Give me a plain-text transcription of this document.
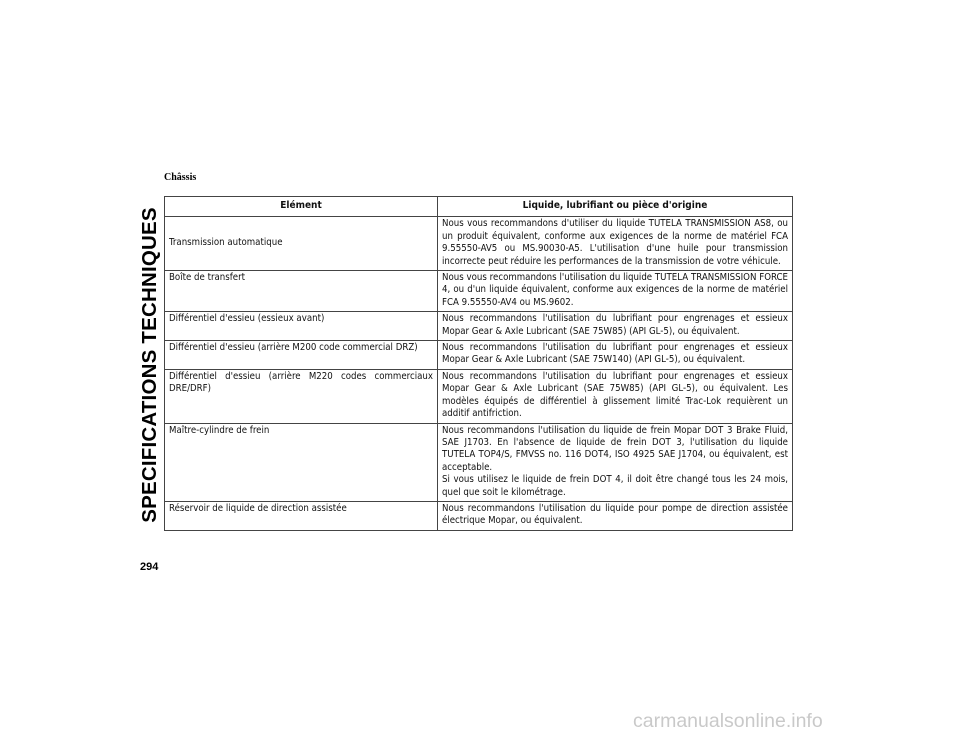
SPECIFICATIONS TECHNIQUES
Châssis
Elément	Liquide, lubrifiant ou pièce d'origine
Transmission automatique	Nous vous recommandons d'utiliser du liquide TUTELA TRANSMISSION AS8, ou un produit équivalent, conforme aux exigences de la norme de matériel FCA 9.55550-AV5 ou MS.90030-A5. L'utilisation d'une huile pour transmission incorrecte peut réduire les performances de la transmission de votre véhicule.
Boîte de transfert	Nous vous recommandons l'utilisation du liquide TUTELA TRANSMISSION FORCE 4, ou d'un liquide équivalent, conforme aux exigences de la norme de matériel FCA 9.55550-AV4 ou MS.9602.
Différentiel d'essieu (essieux avant)	Nous recommandons l'utilisation du lubrifiant pour engrenages et essieux Mopar Gear & Axle Lubricant (SAE 75W85) (API GL-5), ou équivalent.
Différentiel d'essieu (arrière M200 code commercial DRZ)	Nous recommandons l'utilisation du lubrifiant pour engrenages et essieux Mopar Gear & Axle Lubricant (SAE 75W140) (API GL-5), ou équivalent.
Différentiel d'essieu (arrière M220 codes commerciaux DRE/DRF)	Nous recommandons l'utilisation du lubrifiant pour engrenages et essieux Mopar Gear & Axle Lubricant (SAE 75W85) (API GL-5), ou équivalent. Les modèles équipés de différentiel à glissement limité Trac-Lok requièrent un additif antifriction.
Maître-cylindre de frein	Nous recommandons l'utilisation du liquide de frein Mopar DOT 3 Brake Fluid, SAE J1703. En l'absence de liquide de frein DOT 3, l'utilisation du liquide TUTELA TOP4/S, FMVSS no. 116 DOT4, ISO 4925 SAE J1704, ou équivalent, est acceptable.

Si vous utilisez le liquide de frein DOT 4, il doit être changé tous les 24 mois, quel que soit le kilométrage.

Réservoir de liquide de direction assistée	Nous recommandons l'utilisation du liquide pour pompe de direction assistée électrique Mopar, ou équivalent.
294
carmanualsonline.info
